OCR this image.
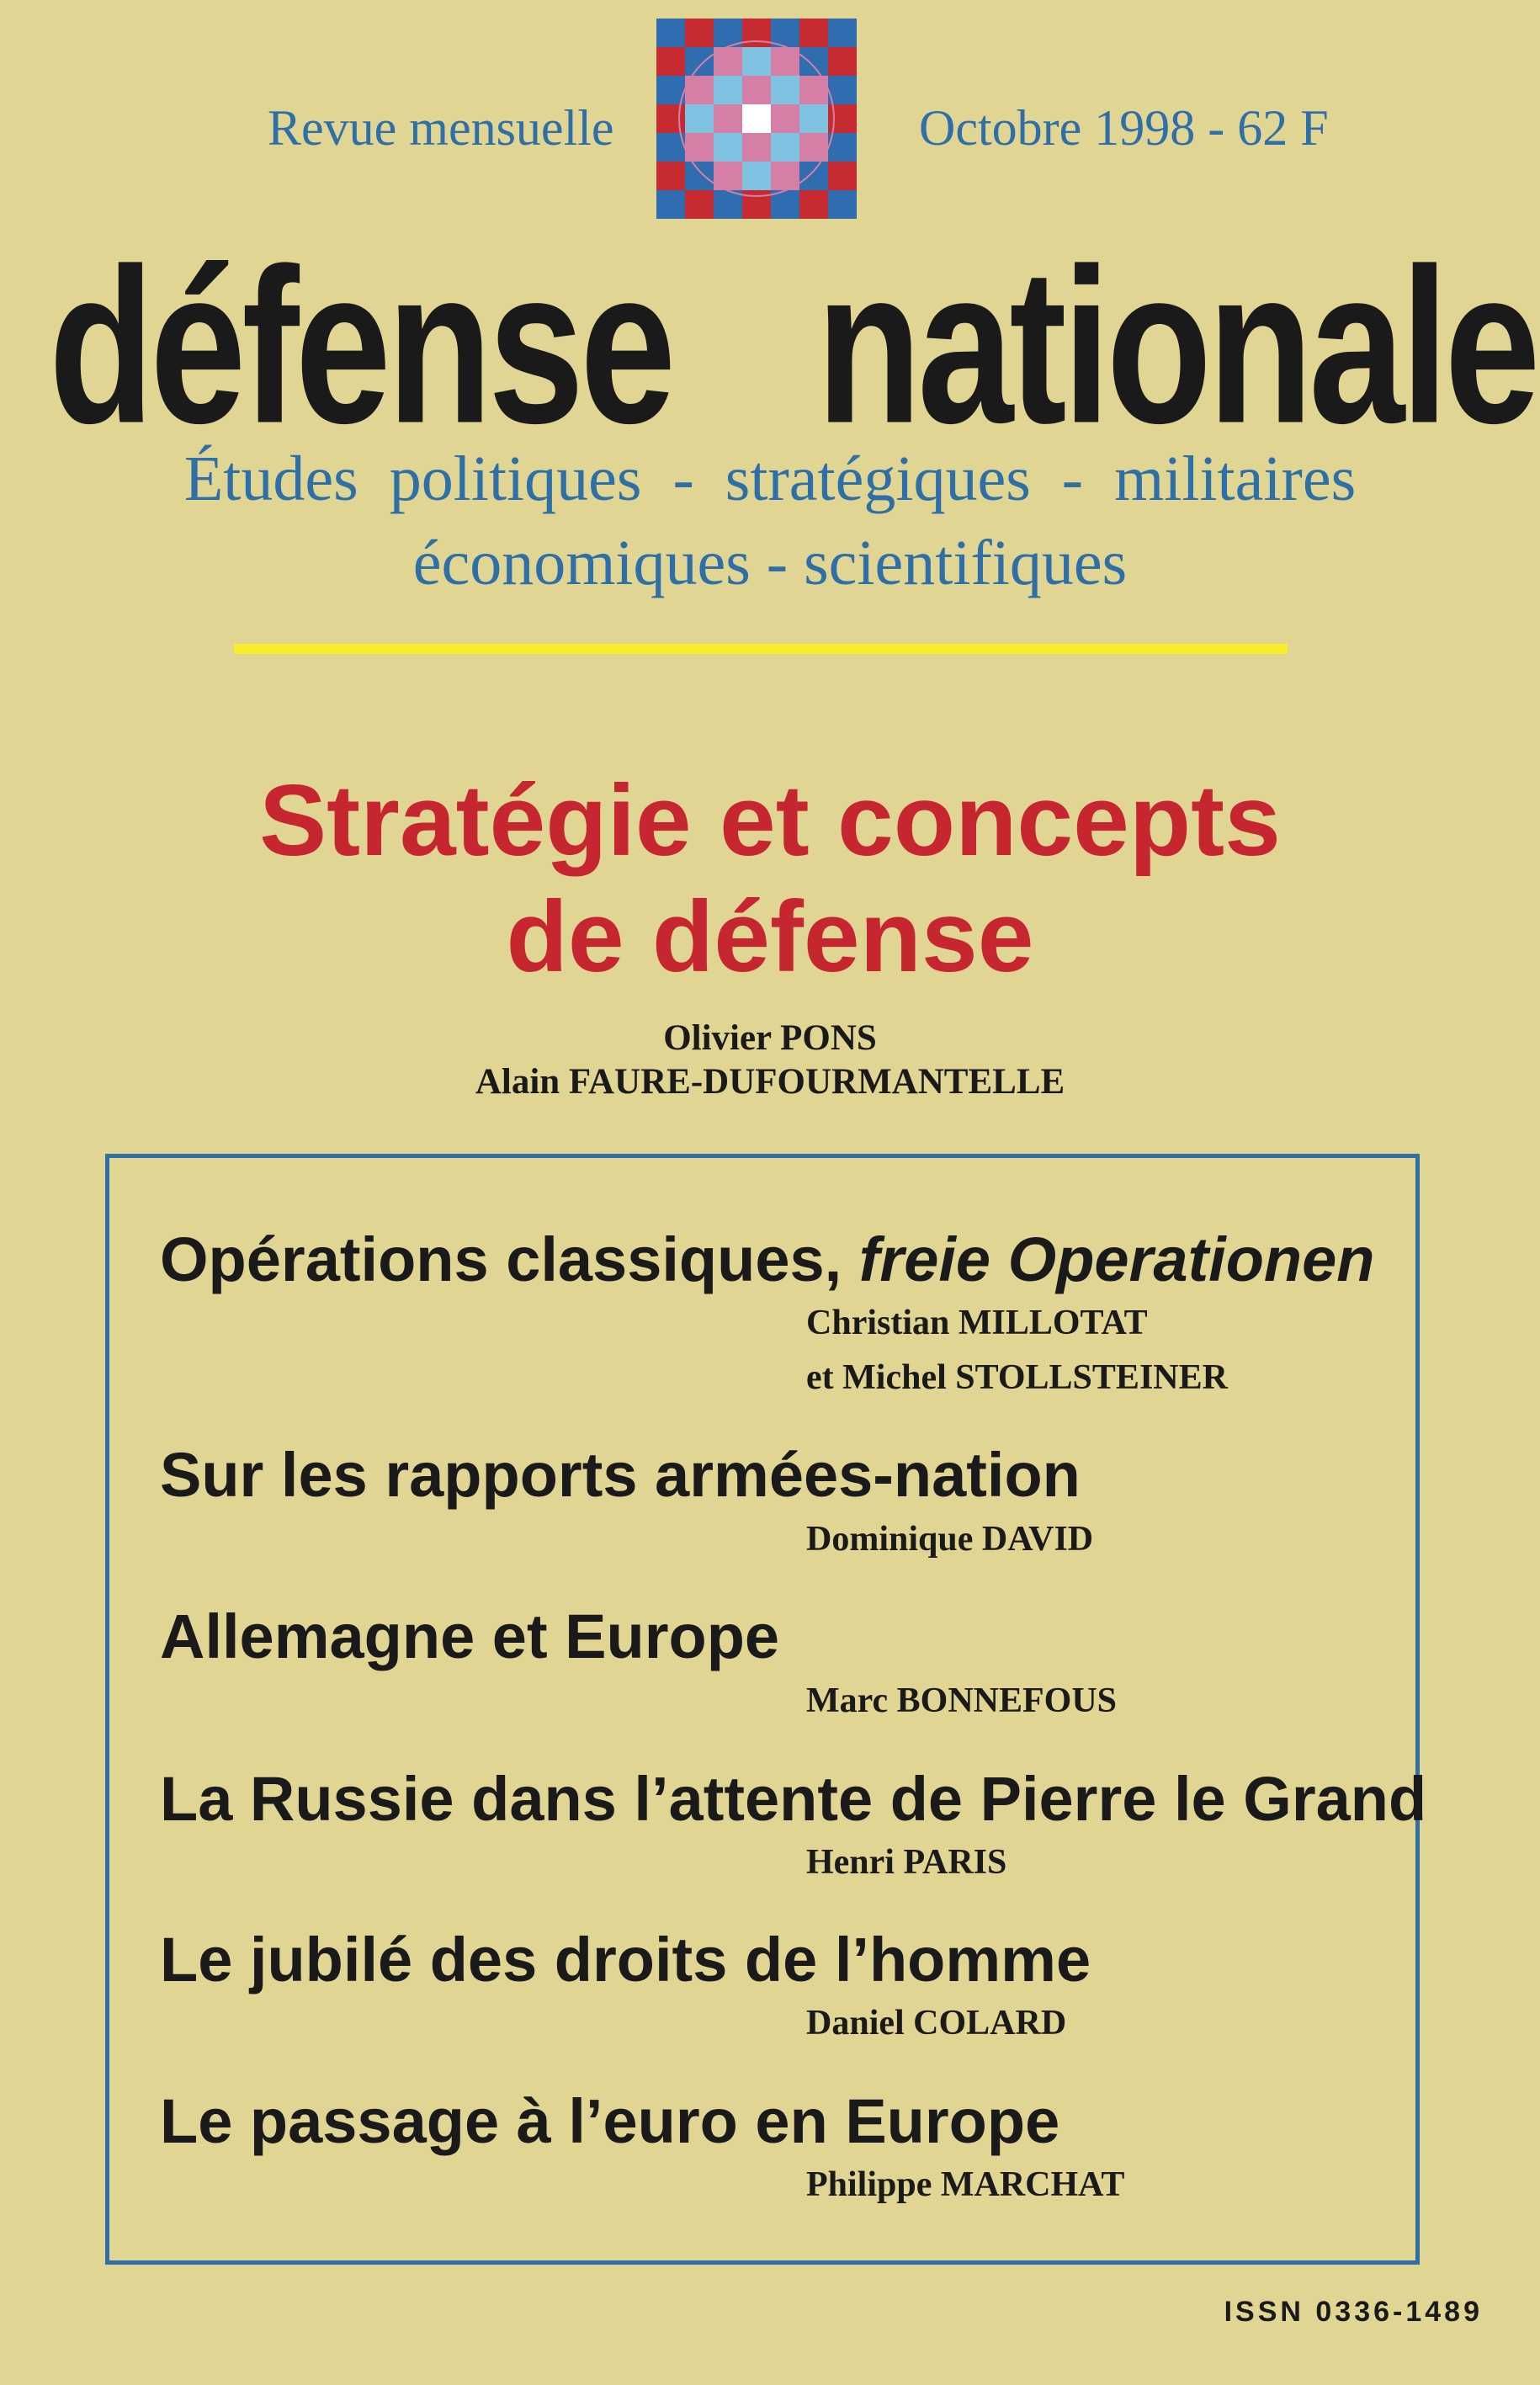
Revue mensuelle	Octobre 1998 - 62 F
défense nationale
Études politiques - stratégiques - militaires
économiques - scientifiques
Stratégie et concepts
de défense
Olivier PONS
Alain FAURE-DUFOURMANTELLE
Opérations classiques, freie Operationen
Christian MILLOTAT
et Michel STOLLSTEINER
Sur les rapports armées-nation
Dominique DAVID
Allemagne et Europe
Marc BONNEFOUS
La Russie dans l’attente de Pierre le Grand
Henri PARIS
Le jubilé des droits de l’homme
Daniel COLARD
Le passage à l’euro en Europe
Philippe MARCHAT
ISSN 0336-1489
